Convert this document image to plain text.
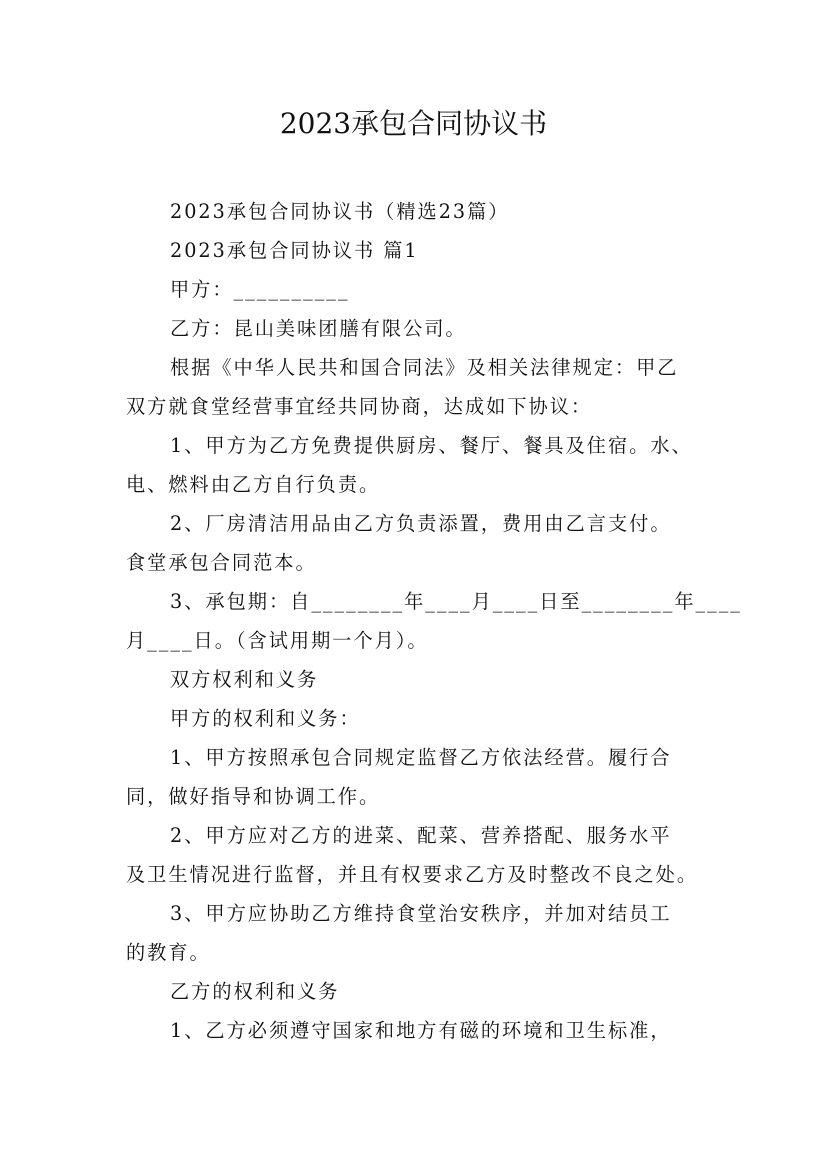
2023承包合同协议书
2023承包合同协议书（精选23篇）
2023承包合同协议书 篇1
甲方：__________
乙方：昆山美味团膳有限公司。
根据《中华人民共和国合同法》及相关法律规定：甲乙
双方就食堂经营事宜经共同协商，达成如下协议：
1、甲方为乙方免费提供厨房、餐厅、餐具及住宿。水、
电、燃料由乙方自行负责。
2、厂房清洁用品由乙方负责添置，费用由乙言支付。
食堂承包合同范本。
3、承包期：自________年____月____日至________年____
月____日。（含试用期一个月）。
双方权利和义务
甲方的权利和义务：
1、甲方按照承包合同规定监督乙方依法经营。履行合
同，做好指导和协调工作。
2、甲方应对乙方的进菜、配菜、营养搭配、服务水平
及卫生情况进行监督，并且有权要求乙方及时整改不良之处。
3、甲方应协助乙方维持食堂治安秩序，并加对结员工
的教育。
乙方的权利和义务
1、乙方必须遵守国家和地方有磁的环境和卫生标准，
